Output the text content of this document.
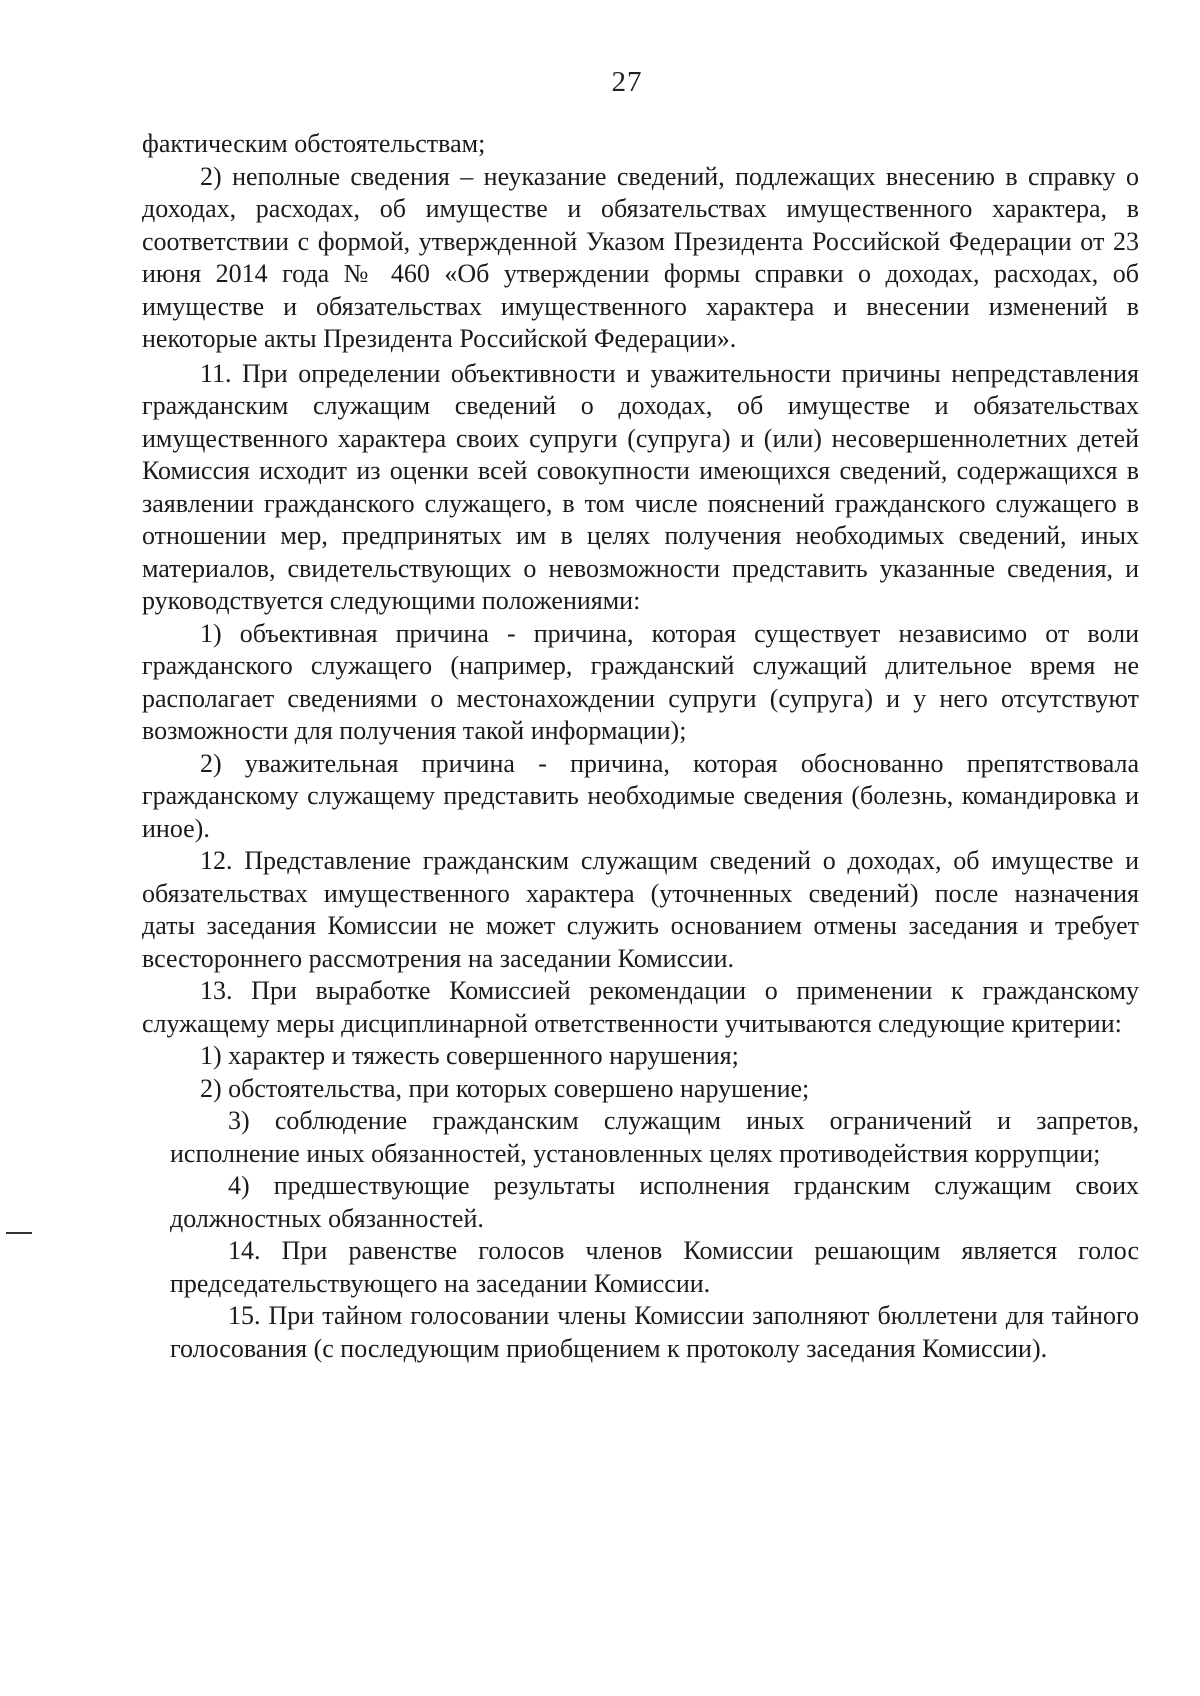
27

фактическим обстоятельствам;

2) неполные сведения – неуказание сведений, подлежащих внесению в справку о доходах, расходах, об имуществе и обязательствах имущественного характера, в соответствии с формой, утвержденной Указом Президента Российской Федерации от 23 июня 2014 года № 460 «Об утверждении формы справки о доходах, расходах, об имуществе и обязательствах имущественного характера и внесении изменений в некоторые акты Президента Российской Федерации».

11. При определении объективности и уважительности причины непредставления гражданским служащим сведений о доходах, об имуществе и обязательствах имущественного характера своих супруги (супруга) и (или) несовершеннолетних детей Комиссия исходит из оценки всей совокупности имеющихся сведений, содержащихся в заявлении гражданского служащего, в том числе пояснений гражданского служащего в отношении мер, предпринятых им в целях получения необходимых сведений, иных материалов, свидетельствующих о невозможности представить указанные сведения, и руководствуется следующими положениями:

1) объективная причина - причина, которая существует независимо от воли гражданского служащего (например, гражданский служащий длительное время не располагает сведениями о местонахождении супруги (супруга) и у него отсутствуют возможности для получения такой информации);

2) уважительная причина - причина, которая обоснованно препятствовала гражданскому служащему представить необходимые сведения (болезнь, командировка и иное).

12. Представление гражданским служащим сведений о доходах, об имуществе и обязательствах имущественного характера (уточненных сведений) после назначения даты заседания Комиссии не может служить основанием отмены заседания и требует всестороннего рассмотрения на заседании Комиссии.

13. При выработке Комиссией рекомендации о применении к гражданскому служащему меры дисциплинарной ответственности учитываются следующие критерии:

1) характер и тяжесть совершенного нарушения;

2) обстоятельства, при которых совершено нарушение;

3) соблюдение гражданским служащим иных ограничений и запретов, исполнение иных обязанностей, установленных целях противодействия коррупции;

4) предшествующие результаты исполнения грданским служащим своих должностных обязанностей.

14. При равенстве голосов членов Комиссии решающим является голос председательствующего на заседании Комиссии.

15. При тайном голосовании члены Комиссии заполняют бюллетени для тайного голосования (с последующим приобщением к протоколу заседания Комиссии).
